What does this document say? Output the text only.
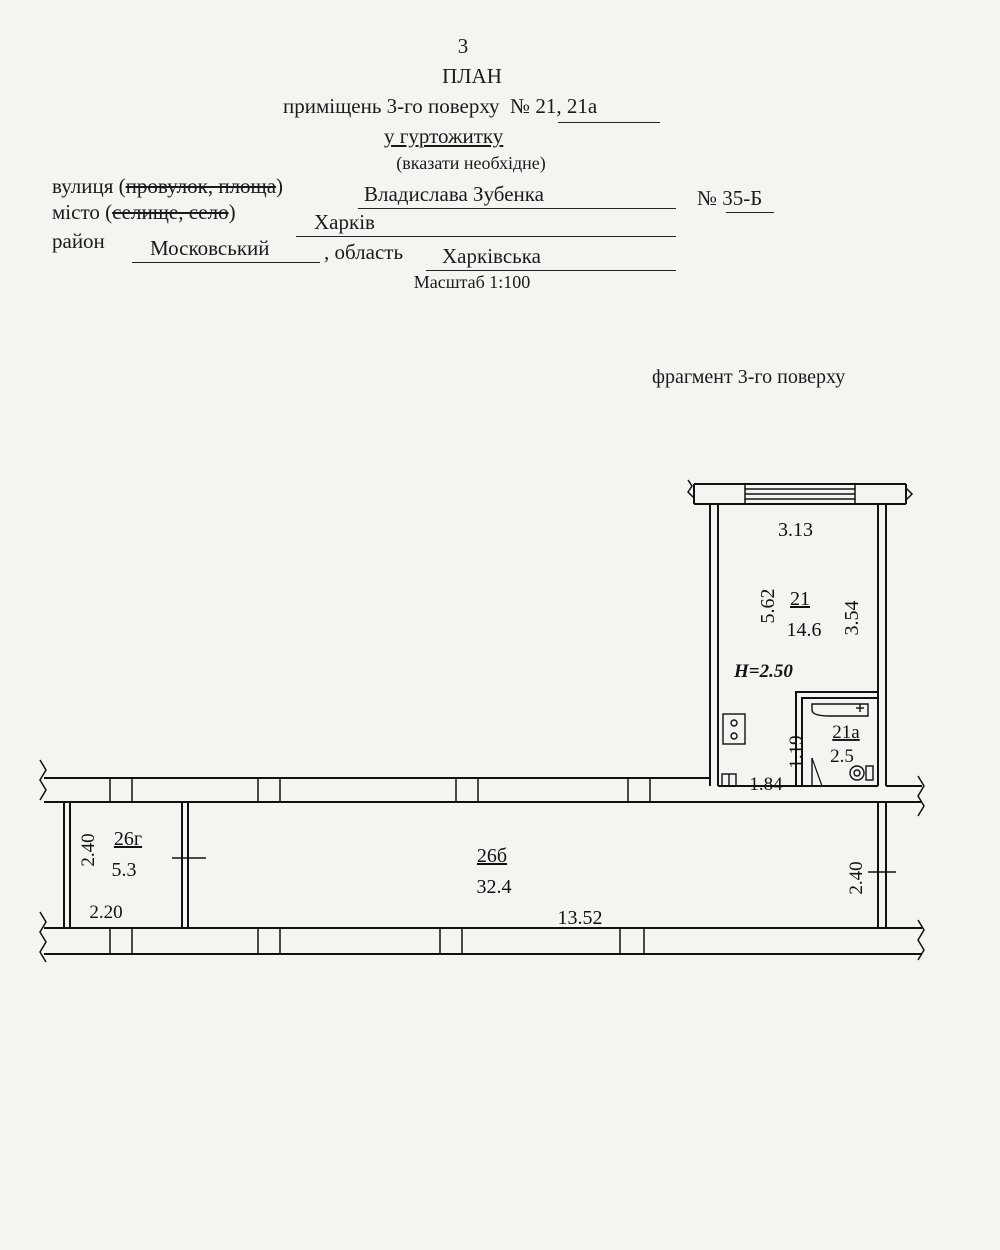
3
ПЛАН
приміщень 3-го поверху № 21, 21а
у гуртожитку
(вказати необхідне)
вулиця (провулок, площа)	Владислава Зубенка	№ 35-Б
місто (селище, село)	Харків
район Московський	, область Харківська
Масштаб 1:100
фрагмент 3-го поверху
3.13
5.62	3.54
21
14.6
H=2.50
21а
2.5
1.19
1.84
26г
5.3
2.40
2.20
26б
32.4
13.52
2.40
